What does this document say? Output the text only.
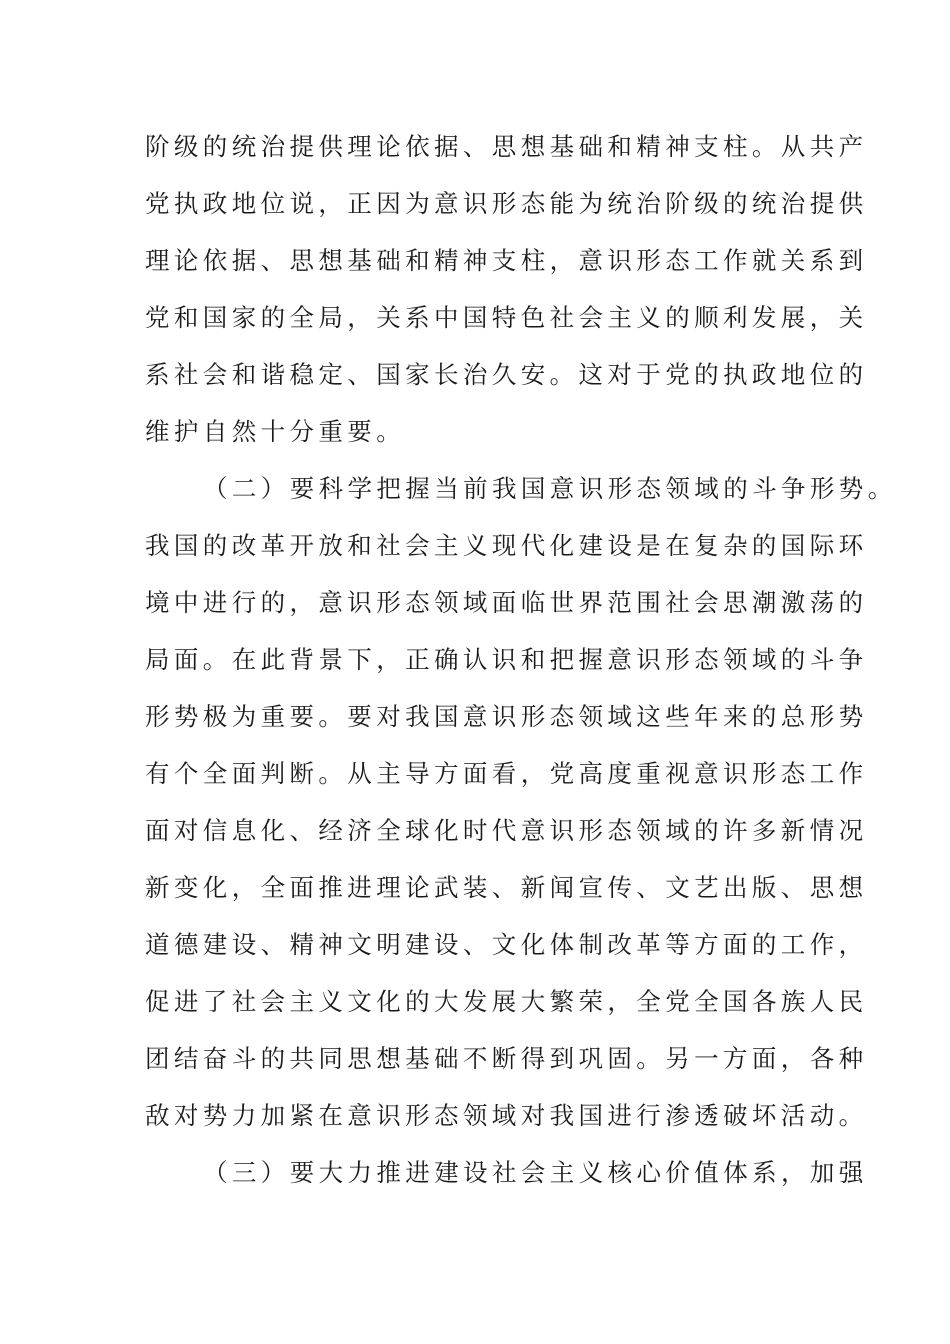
阶级的统治提供理论依据、思想基础和精神支柱。从共产
党执政地位说，正因为意识形态能为统治阶级的统治提供
理论依据、思想基础和精神支柱，意识形态工作就关系到
党和国家的全局，关系中国特色社会主义的顺利发展，关
系社会和谐稳定、国家长治久安。这对于党的执政地位的
维护自然十分重要。
（二）要科学把握当前我国意识形态领域的斗争形势。
我国的改革开放和社会主义现代化建设是在复杂的国际环
境中进行的，意识形态领域面临世界范围社会思潮激荡的
局面。在此背景下，正确认识和把握意识形态领域的斗争
形势极为重要。要对我国意识形态领域这些年来的总形势
有个全面判断。从主导方面看，党高度重视意识形态工作
面对信息化、经济全球化时代意识形态领域的许多新情况
新变化，全面推进理论武装、新闻宣传、文艺出版、思想
道德建设、精神文明建设、文化体制改革等方面的工作，
促进了社会主义文化的大发展大繁荣，全党全国各族人民
团结奋斗的共同思想基础不断得到巩固。另一方面，各种
敌对势力加紧在意识形态领域对我国进行渗透破坏活动。
（三）要大力推进建设社会主义核心价值体系，加强
